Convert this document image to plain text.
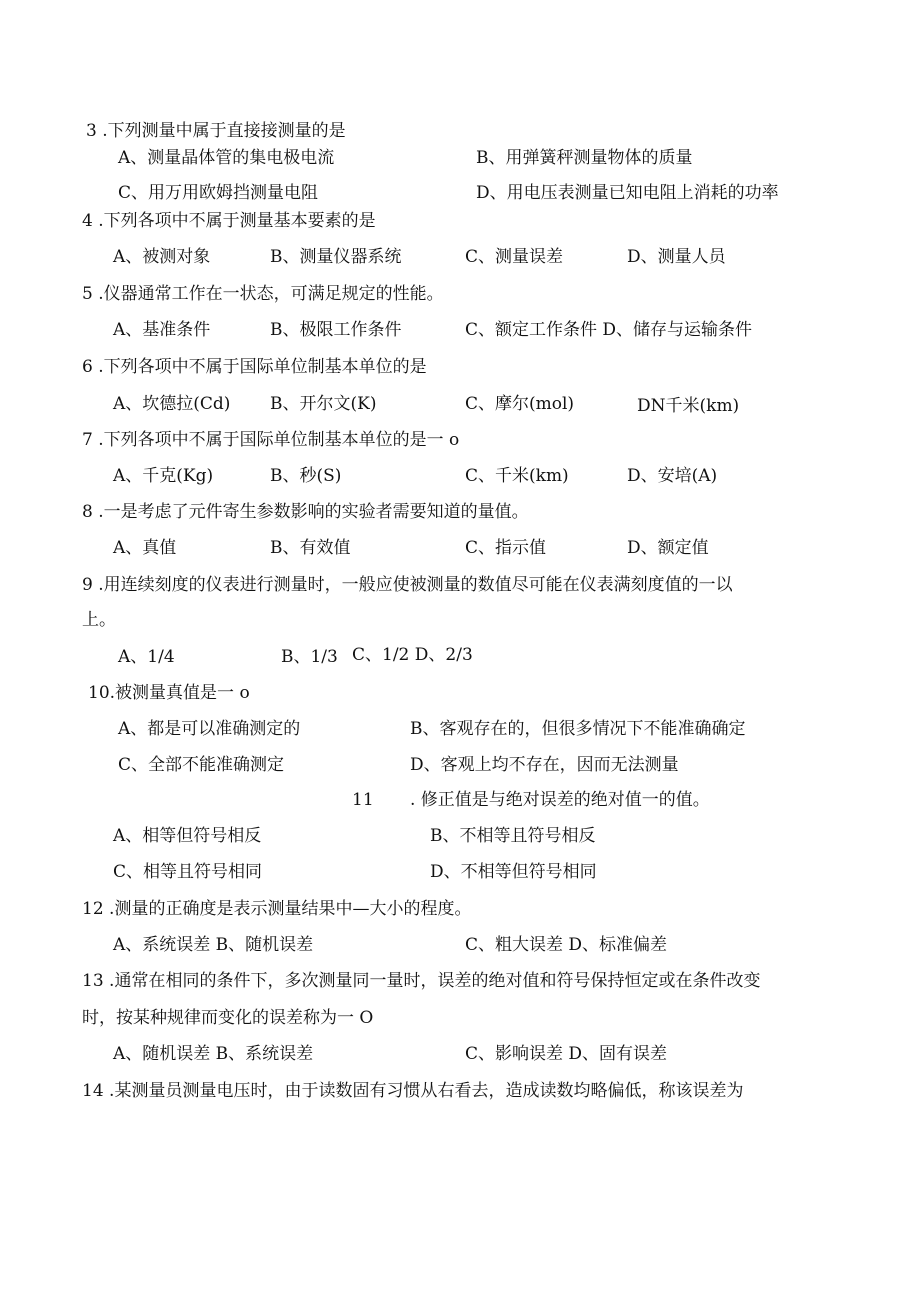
3 .下列测量中属于直接接测量的是
A、测量晶体管的集电极电流	B、用弹簧秤测量物体的质量
C、用万用欧姆挡测量电阻	D、用电压表测量已知电阻上消耗的功率
4 .下列各项中不属于测量基本要素的是
A、被测对象	B、测量仪器系统	C、测量误差	D、测量人员
5 .仪器通常工作在一状态，可满足规定的性能。
A、基准条件	B、极限工作条件	C、额定工作条件 D、储存与运输条件
6 .下列各项中不属于国际单位制基本单位的是
A、坎德拉(Cd) B、开尔文(K)	C、摩尔(mol)	DN千米(km)
7 .下列各项中不属于国际单位制基本单位的是一 o
A、千克(Kg)	B、秒(S)	C、千米(km)	D、安培(A)
8 .一是考虑了元件寄生参数影响的实验者需要知道的量值。
A、真值	B、有效值	C、指示值	D、额定值
9 .用连续刻度的仪表进行测量时，一般应使被测量的数值尽可能在仪表满刻度值的一以
上。
A、1/4	B、1/3 C、1/2 D、2/3
10.被测量真值是一 o
A、都是可以准确测定的	B、客观存在的，但很多情况下不能准确确定
C、全部不能准确测定	D、客观上均不存在，因而无法测量
11 . 修正值是与绝对误差的绝对值一的值。
A、相等但符号相反	B、不相等且符号相反
C、相等且符号相同	D、不相等但符号相同
12 .测量的正确度是表示测量结果中—大小的程度。
A、系统误差 B、随机误差	C、粗大误差 D、标准偏差
13 .通常在相同的条件下，多次测量同一量时，误差的绝对值和符号保持恒定或在条件改变
时，按某种规律而变化的误差称为一 O
A、随机误差 B、系统误差	C、影响误差 D、固有误差
14 .某测量员测量电压时，由于读数固有习惯从右看去，造成读数均略偏低，称该误差为
